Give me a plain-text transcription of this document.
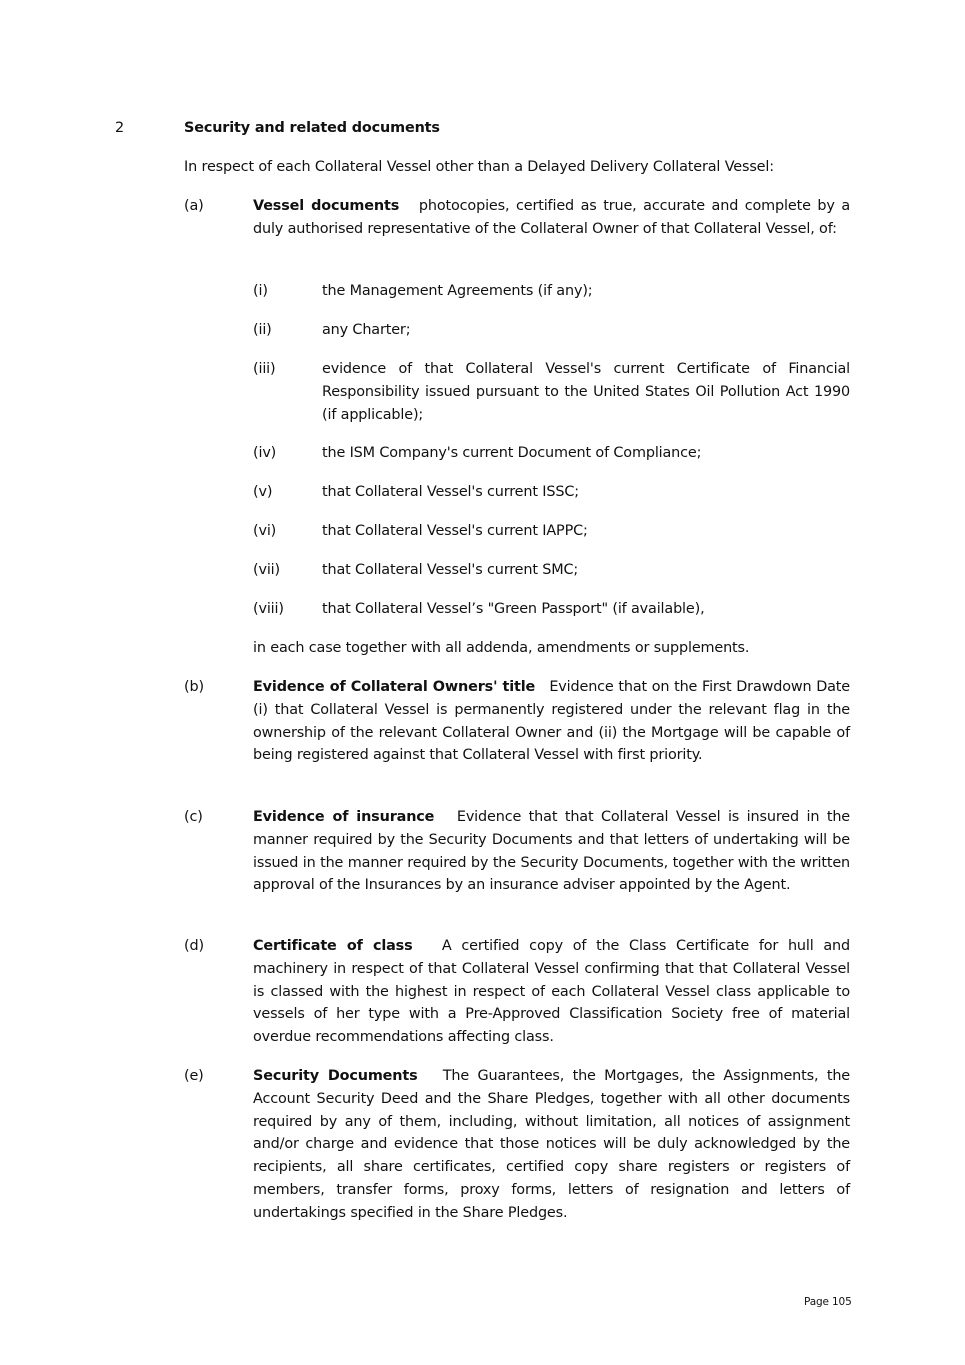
2	Security and related documents
In respect of each Collateral Vessel other than a Delayed Delivery Collateral Vessel:
(a)	Vessel documents photocopies, certified as true, accurate and complete by a duly authorised representative of the Collateral Owner of that Collateral Vessel, of:
(i)	the Management Agreements (if any);
(ii)	any Charter;
(iii)	evidence of that Collateral Vessel's current Certificate of Financial Responsibility issued pursuant to the United States Oil Pollution Act 1990 (if applicable);
(iv)	the ISM Company's current Document of Compliance;
(v)	that Collateral Vessel's current ISSC;
(vi)	that Collateral Vessel's current IAPPC;
(vii)	that Collateral Vessel's current SMC;
(viii)	that Collateral Vessel’s "Green Passport" (if available),
in each case together with all addenda, amendments or supplements.
(b)	Evidence of Collateral Owners' title Evidence that on the First Drawdown Date (i) that Collateral Vessel is permanently registered under the relevant flag in the ownership of the relevant Collateral Owner and (ii) the Mortgage will be capable of being registered against that Collateral Vessel with first priority.
(c)	Evidence of insurance Evidence that that Collateral Vessel is insured in the manner required by the Security Documents and that letters of undertaking will be issued in the manner required by the Security Documents, together with the written approval of the Insurances by an insurance adviser appointed by the Agent.
(d)	Certificate of class A certified copy of the Class Certificate for hull and machinery in respect of that Collateral Vessel confirming that that Collateral Vessel is classed with the highest in respect of each Collateral Vessel class applicable to vessels of her type with a Pre-Approved Classification Society free of material overdue recommendations affecting class.
(e)	Security Documents The Guarantees, the Mortgages, the Assignments, the Account Security Deed and the Share Pledges, together with all other documents required by any of them, including, without limitation, all notices of assignment and/or charge and evidence that those notices will be duly acknowledged by the recipients, all share certificates, certified copy share registers or registers of members, transfer forms, proxy forms, letters of resignation and letters of undertakings specified in the Share Pledges.
Page 105
